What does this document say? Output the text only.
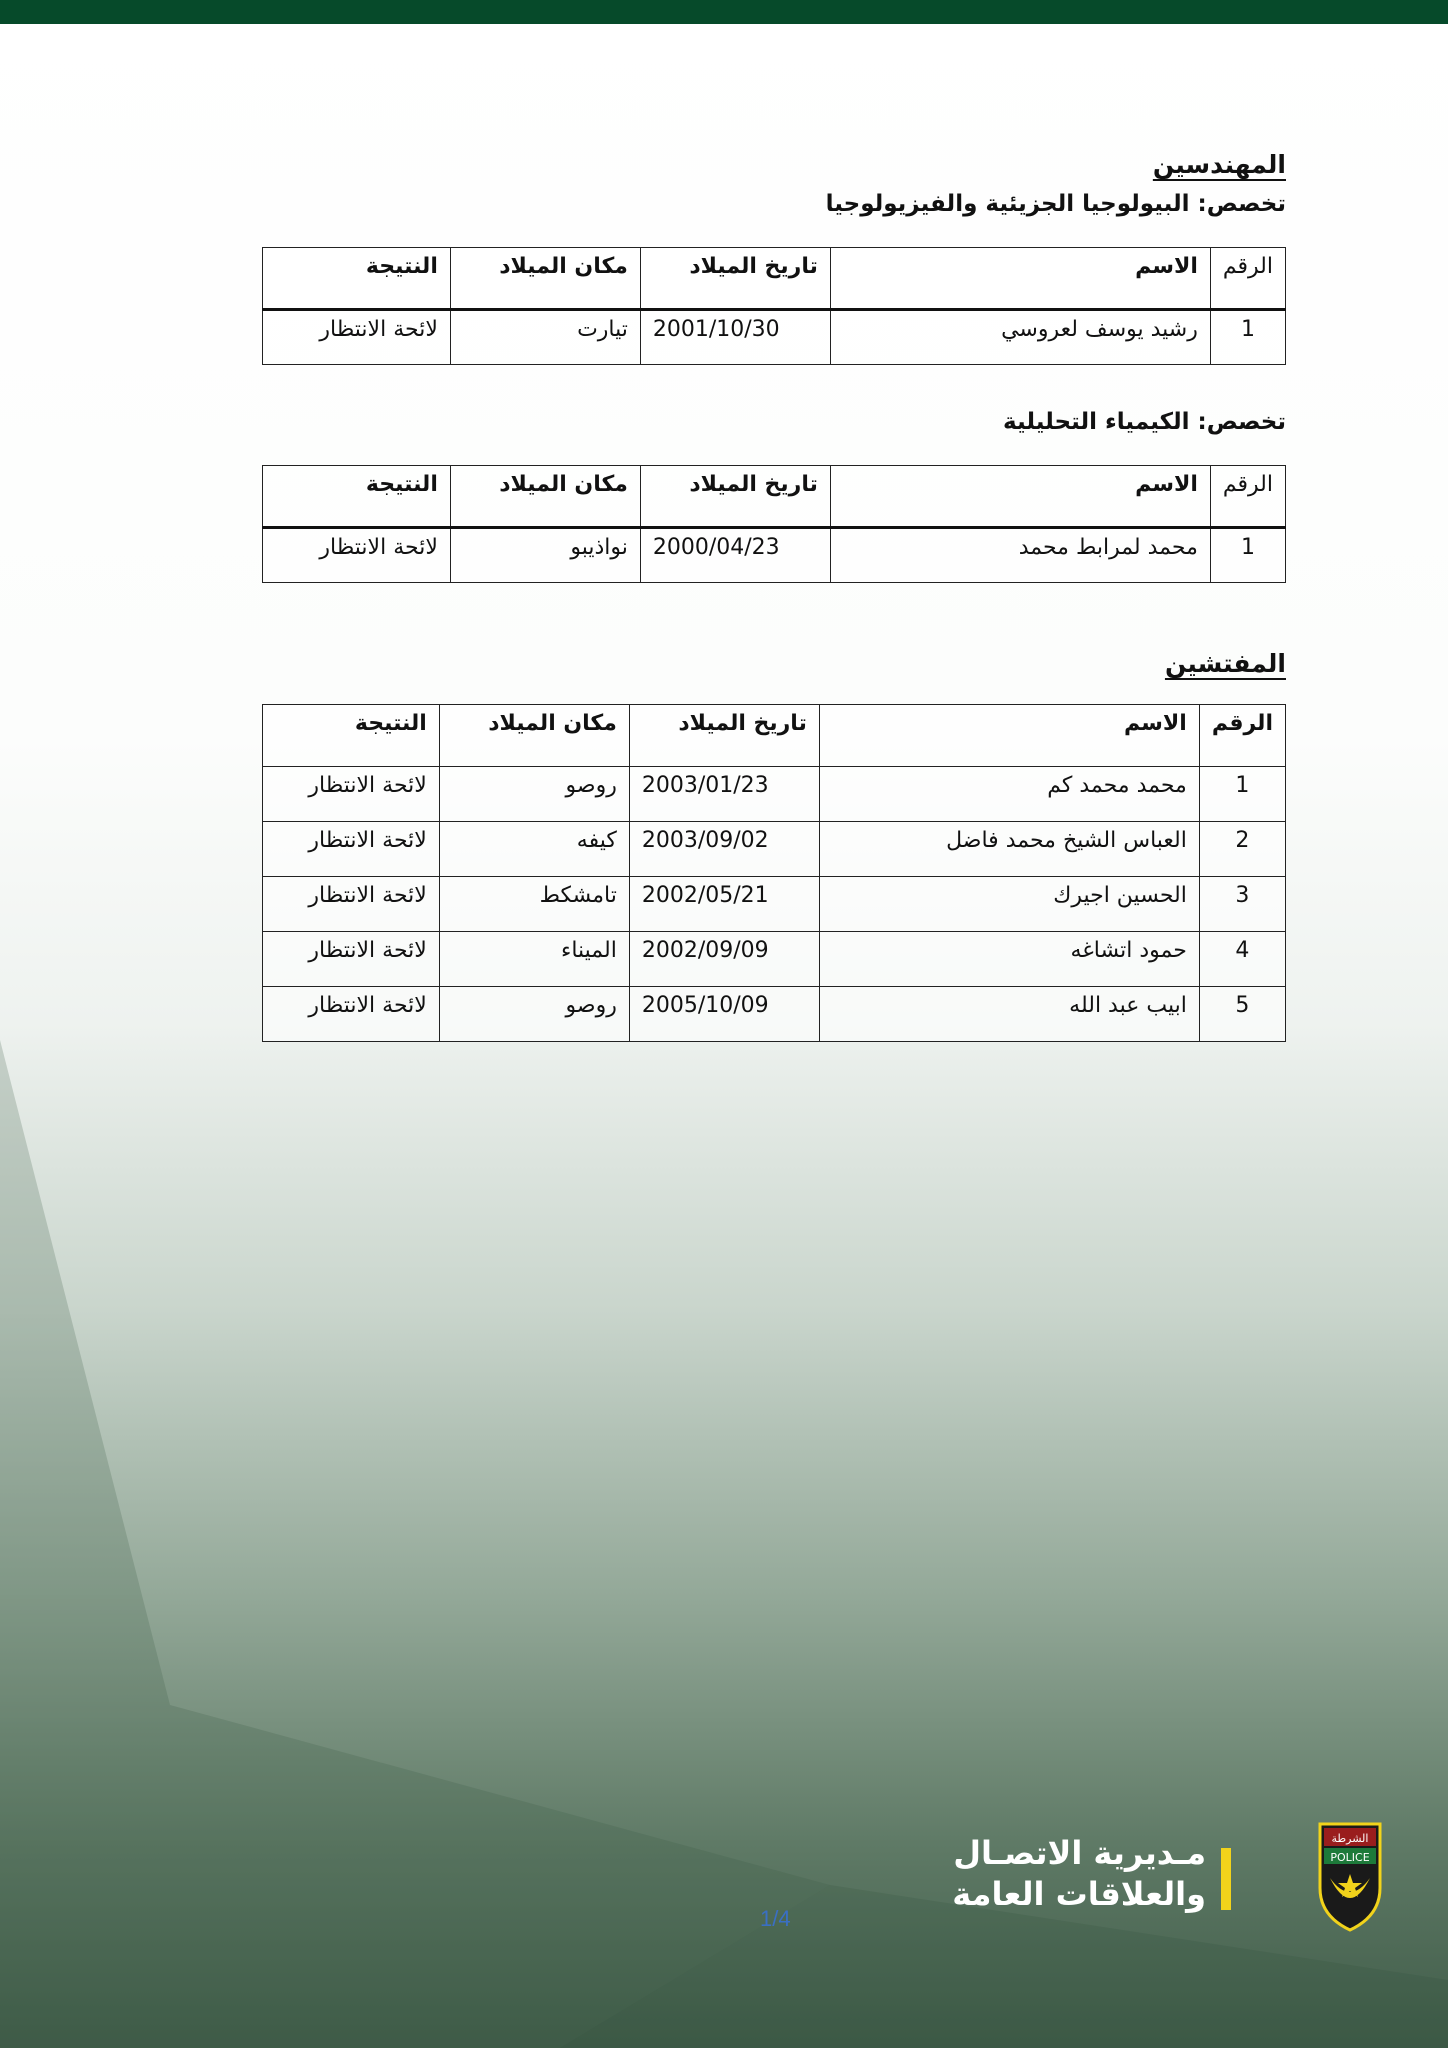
المهندسين
تخصص: البيولوجيا الجزيئية والفيزيولوجيا
الرقم	الاسم	تاريخ الميلاد	مكان الميلاد	النتيجة
1	رشيد يوسف لعروسي	2001/10/30	تيارت	لائحة الانتظار
تخصص: الكيمياء التحليلية
الرقم	الاسم	تاريخ الميلاد	مكان الميلاد	النتيجة
1	محمد لمرابط محمد	2000/04/23	نواذيبو	لائحة الانتظار
المفتشين
الرقم	الاسم	تاريخ الميلاد	مكان الميلاد	النتيجة
1	محمد محمد كم	2003/01/23	روصو	لائحة الانتظار
2	العباس الشيخ محمد فاضل	2003/09/02	كيفه	لائحة الانتظار
3	الحسين اجيرك	2002/05/21	تامشكط	لائحة الانتظار
4	حمود اتشاغه	2002/09/09	الميناء	لائحة الانتظار
5	ابيب عبد الله	2005/10/09	روصو	لائحة الانتظار
1/4
الشرطة
POLICE
مـديرية الاتصـال
والعلاقات العامة
